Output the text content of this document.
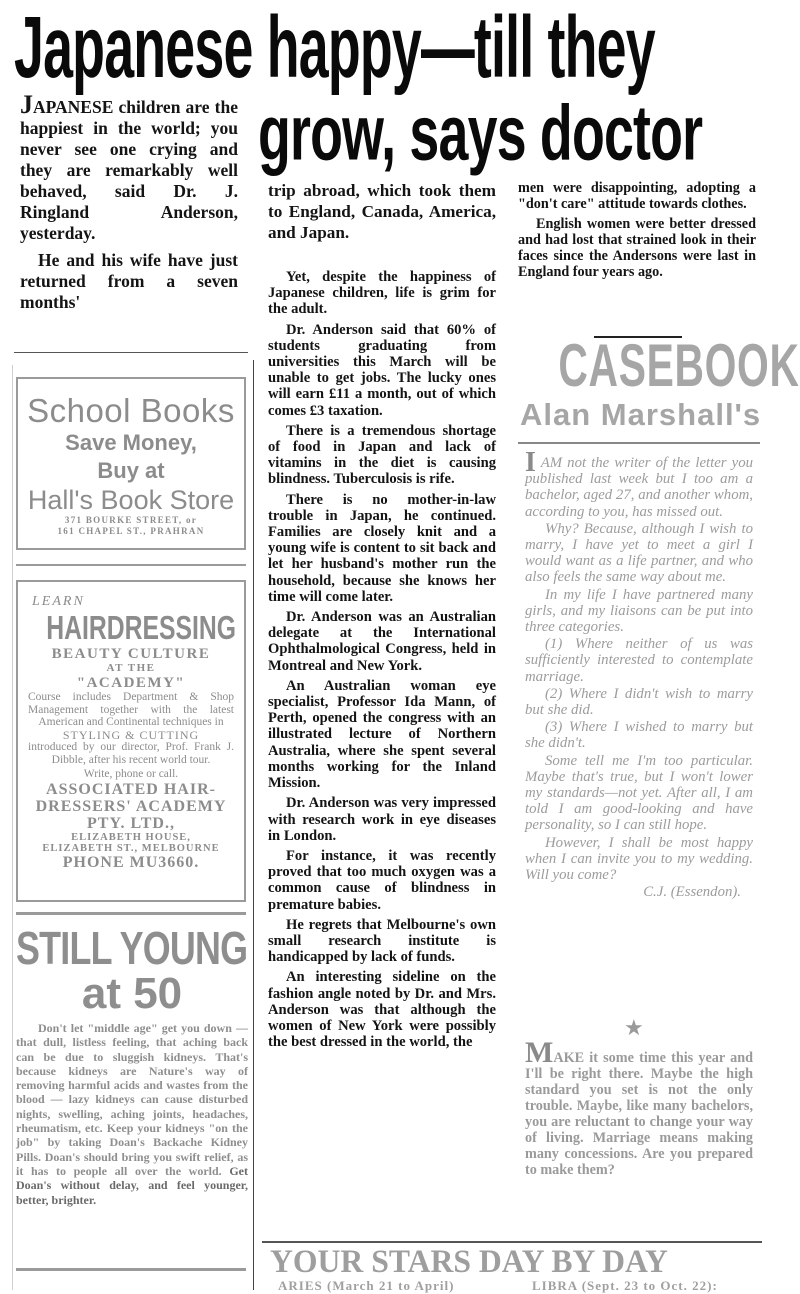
Japanese happy—till they
grow, says doctor

JAPANESE children are the happiest in the world; you never see one crying and they are remarkably well behaved, said Dr. J. Ringland Anderson, yesterday.

He and his wife have just returned from a seven months'

trip abroad, which took them to England, Canada, America, and Japan.

Yet, despite the happiness of Japanese children, life is grim for the adult.

Dr. Anderson said that 60% of students graduating from universities this March will be unable to get jobs. The lucky ones will earn £11 a month, out of which comes £3 taxation.

There is a tremendous shortage of food in Japan and lack of vitamins in the diet is causing blindness. Tuberculosis is rife.

There is no mother-in-law trouble in Japan, he continued. Families are closely knit and a young wife is content to sit back and let her husband's mother run the household, because she knows her time will come later.

Dr. Anderson was an Australian delegate at the International Ophthalmological Congress, held in Montreal and New York.

An Australian woman eye specialist, Professor Ida Mann, of Perth, opened the congress with an illustrated lecture of Northern Australia, where she spent several months working for the Inland Mission.

Dr. Anderson was very impressed with research work in eye diseases in London.

For instance, it was recently proved that too much oxygen was a common cause of blindness in premature babies.

He regrets that Melbourne's own small research institute is handicapped by lack of funds.

An interesting sideline on the fashion angle noted by Dr. and Mrs. Anderson was that although the women of New York were possibly the best dressed in the world, the

men were disappointing, adopting a "don't care" attitude towards clothes.

English women were better dressed and had lost that strained look in their faces since the Andersons were last in England four years ago.

School Books
Save Money,
Buy at
Hall's Book Store
371 BOURKE STREET, or
161 CHAPEL ST., PRAHRAN
LEARN
HAIRDRESSING
BEAUTY CULTURE
AT THE
"ACADEMY"
Course includes Department & Shop Management together with the latest American and Continental techniques in
STYLING & CUTTING
introduced by our director, Prof. Frank J. Dibble, after his recent world tour.
Write, phone or call.
ASSOCIATED HAIR-
DRESSERS' ACADEMY
PTY. LTD.,
ELIZABETH HOUSE,
ELIZABETH ST., MELBOURNE
PHONE MU3660.
STILL YOUNG
at 50
Don't let "middle age" get you down — that dull, listless feeling, that aching back can be due to sluggish kidneys. That's because kidneys are Nature's way of removing harmful acids and wastes from the blood — lazy kidneys can cause disturbed nights, swelling, aching joints, headaches, rheumatism, etc. Keep your kidneys "on the job" by taking Doan's Backache Kidney Pills. Doan's should bring you swift relief, as it has to people all over the world. Get Doan's without delay, and feel younger, better, brighter.
CASEBOOK
Alan Marshall's

I AM not the writer of the letter you published last week but I too am a bachelor, aged 27, and another whom, according to you, has missed out.

Why? Because, although I wish to marry, I have yet to meet a girl I would want as a life partner, and who also feels the same way about me.

In my life I have partnered many girls, and my liaisons can be put into three categories.

(1) Where neither of us was sufficiently interested to contemplate marriage.

(2) Where I didn't wish to marry but she did.

(3) Where I wished to marry but she didn't.

Some tell me I'm too particular. Maybe that's true, but I won't lower my standards—not yet. After all, I am told I am good-looking and have personality, so I can still hope.

However, I shall be most happy when I can invite you to my wedding. Will you come?

C.J. (Essendon).

★
MAKE it some time this year and I'll be right there. Maybe the high standard you set is not the only trouble. Maybe, like many bachelors, you are reluctant to change your way of living. Marriage means making many concessions. Are you prepared to make them?
YOUR STARS DAY BY DAY
ARIES (March 21 to April)	LIBRA (Sept. 23 to Oct. 22):
